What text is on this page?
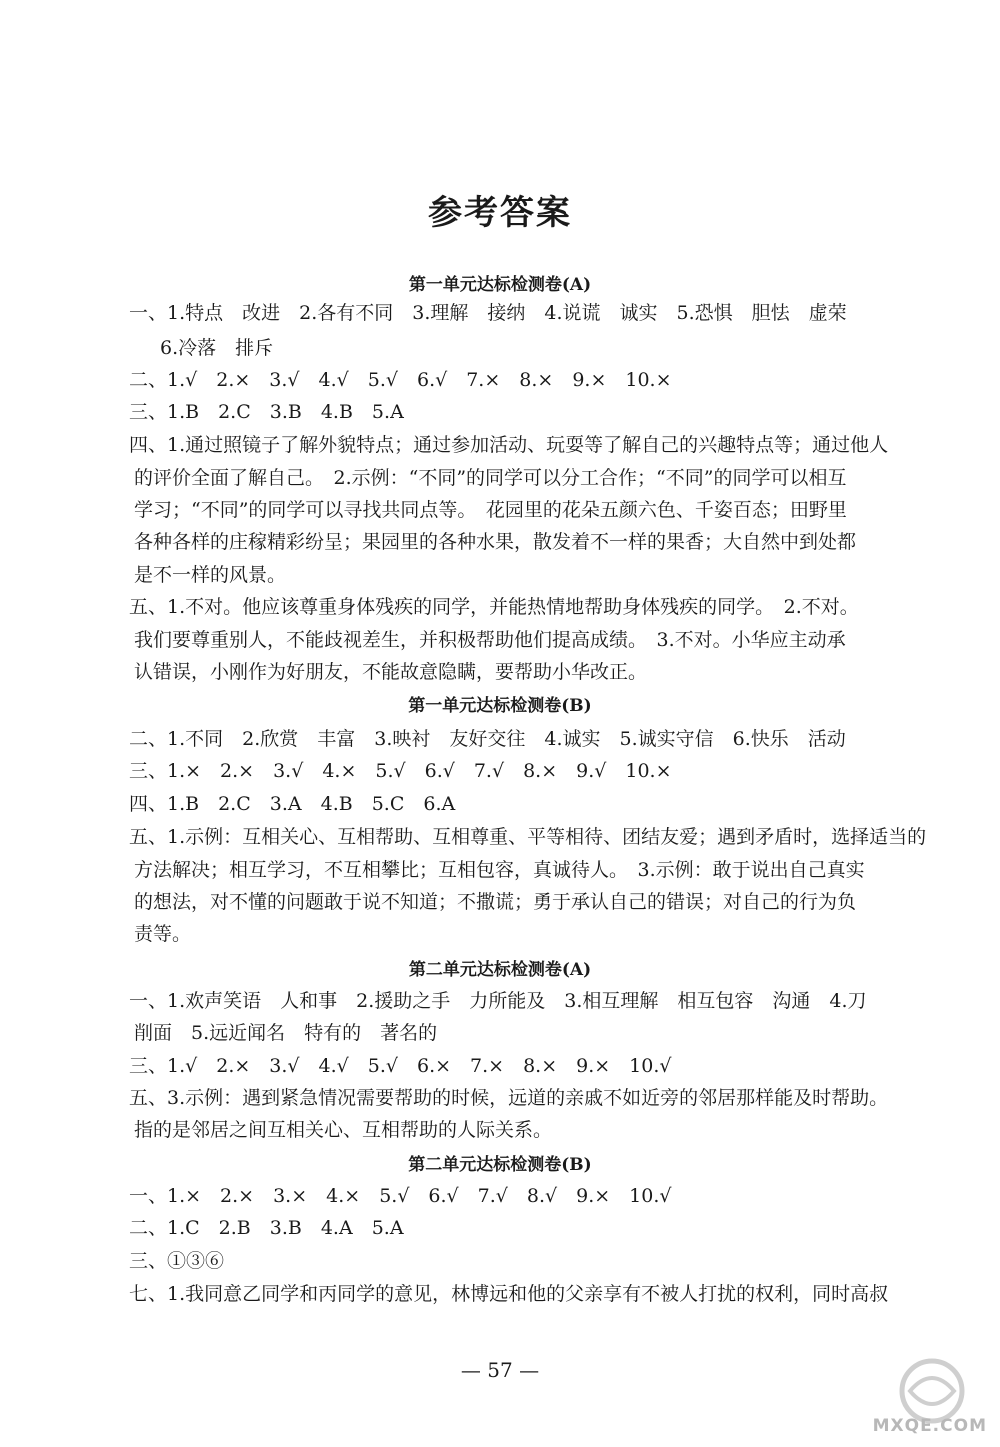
参考答案
第一单元达标检测卷(A)
一、1.特点　改进　2.各有不同　3.理解　接纳　4.说谎　诚实　5.恐惧　胆怯　虚荣
6.冷落　排斥
二、1.√　2.×　3.√　4.√　5.√　6.√　7.×　8.×　9.×　10.×
三、1.B　2.C　3.B　4.B　5.A
四、1.通过照镜子了解外貌特点；通过参加活动、玩耍等了解自己的兴趣特点等；通过他人
的评价全面了解自己。　2.示例：“不同”的同学可以分工合作；“不同”的同学可以相互
学习；“不同”的同学可以寻找共同点等。　花园里的花朵五颜六色、千姿百态；田野里
各种各样的庄稼精彩纷呈；果园里的各种水果，散发着不一样的果香；大自然中到处都
是不一样的风景。
五、1.不对。他应该尊重身体残疾的同学，并能热情地帮助身体残疾的同学。　2.不对。
我们要尊重别人，不能歧视差生，并积极帮助他们提高成绩。　3.不对。小华应主动承
认错误，小刚作为好朋友，不能故意隐瞒，要帮助小华改正。
第一单元达标检测卷(B)
二、1.不同　2.欣赏　丰富　3.映衬　友好交往　4.诚实　5.诚实守信　6.快乐　活动
三、1.×　2.×　3.√　4.×　5.√　6.√　7.√　8.×　9.√　10.×
四、1.B　2.C　3.A　4.B　5.C　6.A
五、1.示例：互相关心、互相帮助、互相尊重、平等相待、团结友爱；遇到矛盾时，选择适当的
方法解决；相互学习，不互相攀比；互相包容，真诚待人。　3.示例：敢于说出自己真实
的想法，对不懂的问题敢于说不知道；不撒谎；勇于承认自己的错误；对自己的行为负
责等。
第二单元达标检测卷(A)
一、1.欢声笑语　人和事　2.援助之手　力所能及　3.相互理解　相互包容　沟通　4.刀
削面　5.远近闻名　特有的　著名的
三、1.√　2.×　3.√　4.√　5.√　6.×　7.×　8.×　9.×　10.√
五、3.示例：遇到紧急情况需要帮助的时候，远道的亲戚不如近旁的邻居那样能及时帮助。
指的是邻居之间互相关心、互相帮助的人际关系。
第二单元达标检测卷(B)
一、1.×　2.×　3.×　4.×　5.√　6.√　7.√　8.√　9.×　10.√
二、1.C　2.B　3.B　4.A　5.A
三、①③⑥
七、1.我同意乙同学和丙同学的意见，林博远和他的父亲享有不被人打扰的权利，同时高叔
— 57 —
MXQE.COM
